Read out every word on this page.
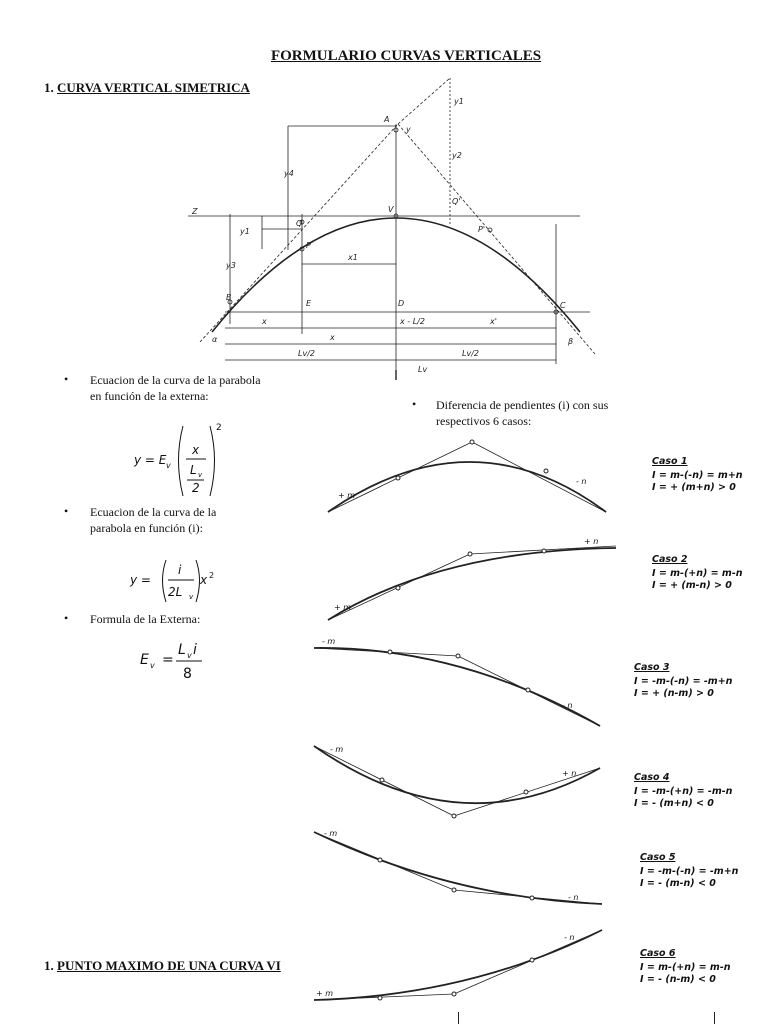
FORMULARIO CURVAS VERTICALES
1. CURVA VERTICAL SIMETRICA
A
V
B
C
E	D
P
Q
P'
Q'
Z
y
y1
y2
y1
y3
y4
x1
x
x	x'
x - L/2
Lv/2	Lv/2
Lv
α	β
• Ecuacion de la curva de la parabola
en función de la externa:
y = E v
x
L v
2
2
• Ecuacion de la curva de la
parabola en función (i):
y =
i
2L v
x 2
• Formula de la Externa:
E v =
L v i
8
• Diferencia de pendientes (i) con sus
respectivos 6 casos:
+ m
- n
+ m
+ n
- m
- n
- m
+ n
- m
- n
+ m
- n
Caso 1
I = m-(-n) = m+n
I = + (m+n) > 0
Caso 2
I = m-(+n) = m-n
I = + (m-n) > 0
Caso 3
I = -m-(-n) = -m+n
I = + (n-m) > 0
Caso 4
I = -m-(+n) = -m-n
I = - (m+n) < 0
Caso 5
I = -m-(-n) = -m+n
I = - (m-n) < 0
Caso 6
I = m-(+n) = m-n
I = - (n-m) < 0
1. PUNTO MAXIMO DE UNA CURVA VI
